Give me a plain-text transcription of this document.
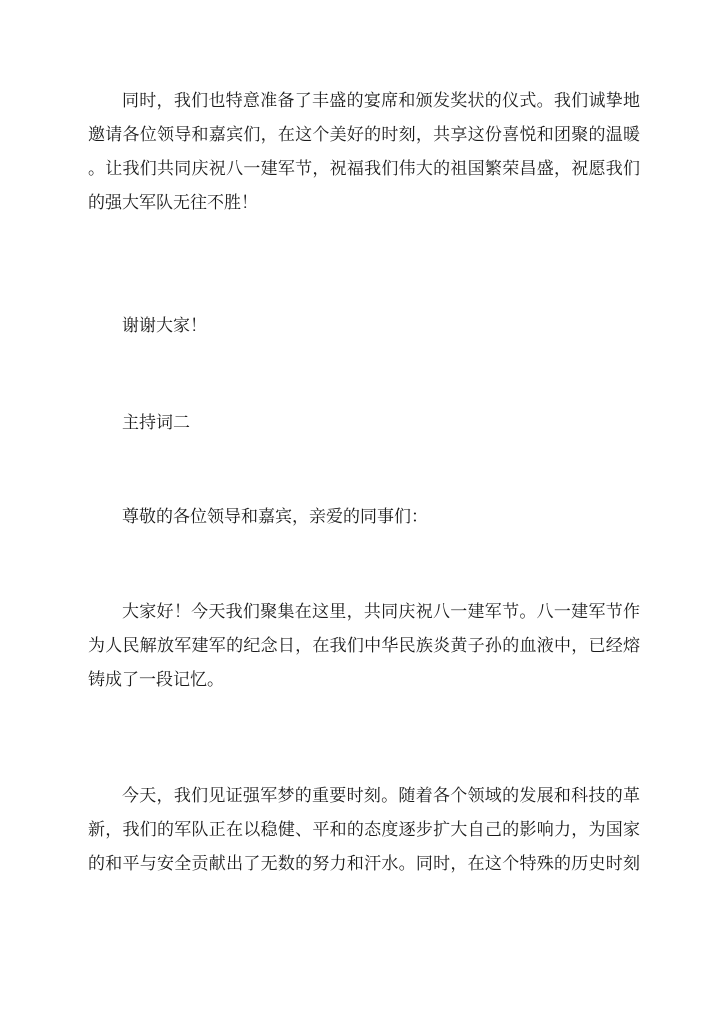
同时，我们也特意准备了丰盛的宴席和颁发奖状的仪式。我们诚挚地
邀请各位领导和嘉宾们，在这个美好的时刻，共享这份喜悦和团聚的温暖
。让我们共同庆祝八一建军节，祝福我们伟大的祖国繁荣昌盛，祝愿我们
的强大军队无往不胜！
谢谢大家！
主持词二
尊敬的各位领导和嘉宾，亲爱的同事们：
大家好！今天我们聚集在这里，共同庆祝八一建军节。八一建军节作
为人民解放军建军的纪念日，在我们中华民族炎黄子孙的血液中，已经熔
铸成了一段记忆。
今天，我们见证强军梦的重要时刻。随着各个领域的发展和科技的革
新，我们的军队正在以稳健、平和的态度逐步扩大自己的影响力，为国家
的和平与安全贡献出了无数的努力和汗水。同时，在这个特殊的历史时刻
